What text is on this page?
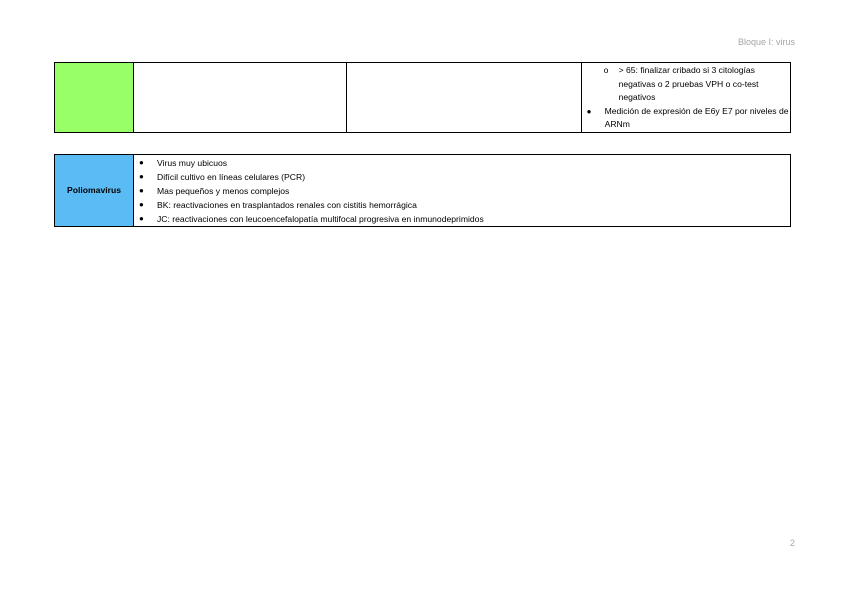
Bloque I: virus

o > 65: finalizar cribado si 3 citologías negativas o 2 pruebas VPH o co-test negativos
● Medición de expresión de E6y E7 por niveles de ARNm
Poliomavirus	
● Virus muy ubicuos
● Difícil cultivo en líneas celulares (PCR)
● Mas pequeños y menos complejos
● BK: reactivaciones en trasplantados renales con cistitis hemorrágica
● JC: reactivaciones con leucoencefalopatía multifocal progresiva en inmunodeprimidos
2
